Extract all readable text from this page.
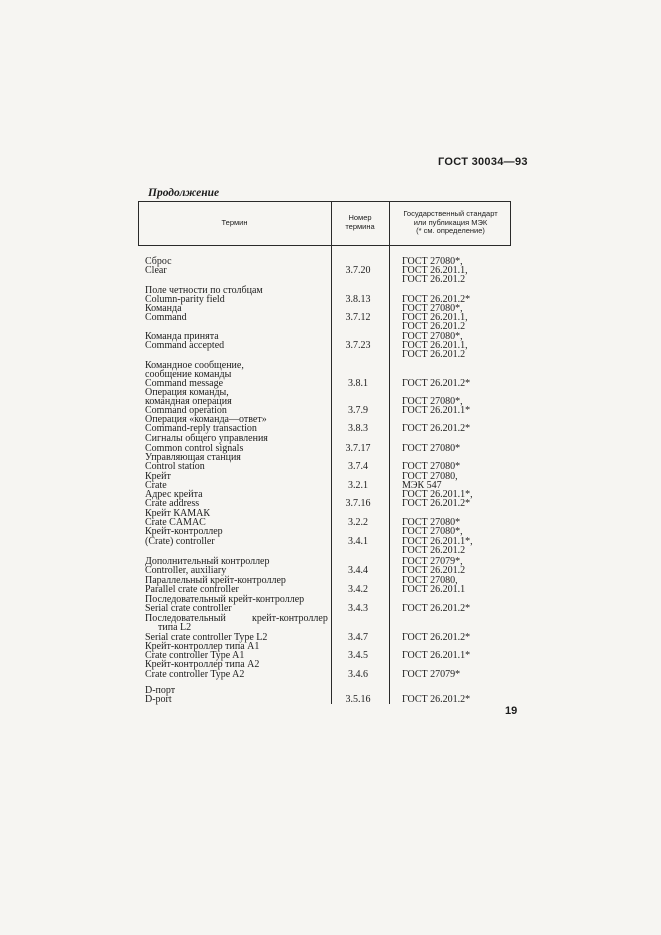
ГОСТ 30034—93
Продолжение
Термин
Номер
термина
Государственный стандарт
или публикация МЭК
(* см. определение)
Сброс
Clear
Поле четности по столбцам
Column-parity field
Команда
Command
Команда принята
Command accepted
Командное сообщение,
сообщение команды
Command message
Операция команды,
командная операция
Command operation
Операция «команда—ответ»
Command-reply transaction
Сигналы общего управления
Common control signals
Управляющая станция
Control station
Крейт
Crate
Адрес крейта
Crate address
Крейт КАМАК
Crate CAMAC
Крейт-контроллер
(Crate) controller
Дополнительный контроллер
Controller, auxiliary
Параллельный крейт-контроллер
Parallel crate controller
Последовательный крейт-контроллер
Serial crate controller
Последовательный	крейт-контроллер
типа L2
Serial crate controller Type L2
Крейт-контроллер типа A1
Crate controller Type A1
Крейт-контроллер типа A2
Crate controller Type A2
D-порт
D-port
3.7.20
3.8.13
3.7.12
3.7.23
3.8.1
3.7.9
3.8.3
3.7.17
3.7.4
3.2.1
3.7.16
3.2.2
3.4.1
3.4.4
3.4.2
3.4.3
3.4.7
3.4.5
3.4.6
3.5.16
ГОСТ 27080*,
ГОСТ 26.201.1,
ГОСТ 26.201.2
ГОСТ 26.201.2*
ГОСТ 27080*,
ГОСТ 26.201.1,
ГОСТ 26.201.2
ГОСТ 27080*,
ГОСТ 26.201.1,
ГОСТ 26.201.2
ГОСТ 26.201.2*
ГОСТ 27080*,
ГОСТ 26.201.1*
ГОСТ 26.201.2*
ГОСТ 27080*
ГОСТ 27080*
ГОСТ 27080,
МЭК 547
ГОСТ 26.201.1*,
ГОСТ 26.201.2*
ГОСТ 27080*
ГОСТ 27080*,
ГОСТ 26.201.1*,
ГОСТ 26.201.2
ГОСТ 27079*,
ГОСТ 26.201.2
ГОСТ 27080,
ГОСТ 26.201.1
ГОСТ 26.201.2*
ГОСТ 26.201.2*
ГОСТ 26.201.1*
ГОСТ 27079*
ГОСТ 26.201.2*
19
